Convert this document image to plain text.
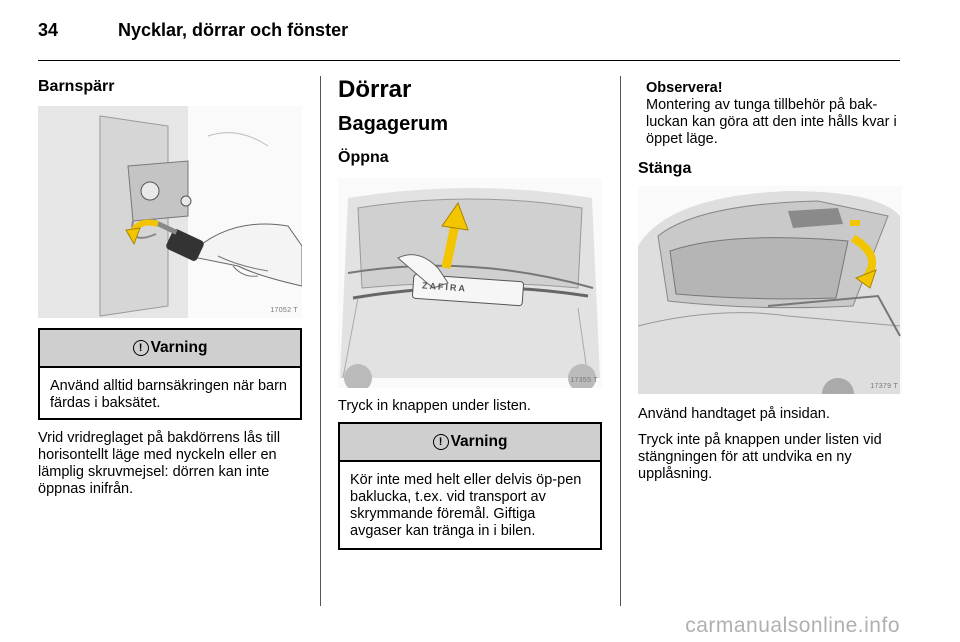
34	Nycklar, dörrar och fönster
Barnspärr
17052 T
! Varning
Använd alltid barnsäkringen när barn färdas i baksätet.
Vrid vridreglaget på bakdörrens lås till horisontellt läge med nyckeln eller en lämplig skruvmejsel: dörren kan inte öppnas inifrån.
Dörrar
Bagagerum
Öppna
ZAFIRA
17355 T
Tryck in knappen under listen.
! Varning
Kör inte med helt eller delvis öp-pen baklucka, t.ex. vid transport av skrymmande föremål. Giftiga avgaser kan tränga in i bilen.
Observera!
Montering av tunga tillbehör på bak-luckan kan göra att den inte hålls kvar i öppet läge.
Stänga
17379 T
Använd handtaget på insidan.
Tryck inte på knappen under listen vid stängningen för att undvika en ny upplåsning.
carmanualsonline.info
